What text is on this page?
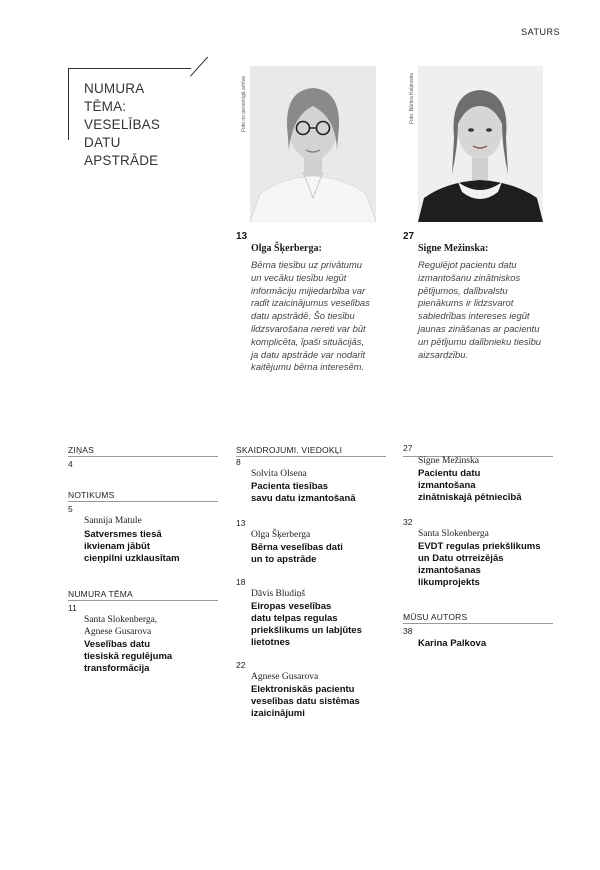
SATURS
NUMURA TĒMA:
VESELĪBAS DATU
APSTRĀDE
Foto no personīgā arhīva	Foto: Bārbra Kotjevska
13
Olga Šķerberga:
Bērna tiesību uz privātumu
un vecāku tiesību iegūt
informāciju mijiedarbība var
radīt izaicinājumus veselības
datu apstrādē. Šo tiesību
līdzsvarošana nereti var būt
komplicēta, īpaši situācijās,
ja datu apstrāde var nodarīt
kaitējumu bērna interesēm.
27
Signe Mežinska:
Regulējot pacientu datu
izmantošanu zinātniskos
pētījumos, dalībvalstu
pienākums ir līdzsvarot
sabiedrības intereses iegūt
jaunas zināšanas ar pacientu
un pētījumu dalībnieku tiesību
aizsardzību.
ZIŅAS
4
NOTIKUMS
5
Sannija Matule
Satversmes tiesā
ikvienam jābūt
cieņpilni uzklausītam
NUMURA TĒMA
11
Santa Slokenberga,
Agnese Gusarova
Veselības datu
tiesiskā regulējuma
transformācija
SKAIDROJUMI. VIEDOKĻI
8
Solvita Olsena
Pacienta tiesības
savu datu izmantošanā
13
Olga Šķerberga
Bērna veselības dati
un to apstrāde
18
Dāvis Bludiņš
Eiropas veselības
datu telpas regulas
priekšlikums un labjūtes
lietotnes
22
Agnese Gusarova
Elektroniskās pacientu
veselības datu sistēmas
izaicinājumi
27
Signe Mežinska
Pacientu datu
izmantošana
zinātniskajā pētniecībā
32
Santa Slokenberga
EVDT regulas priekšlikums
un Datu otrreizējās
izmantošanas
likumprojekts
MŪSU AUTORS
38
Karina Palkova
